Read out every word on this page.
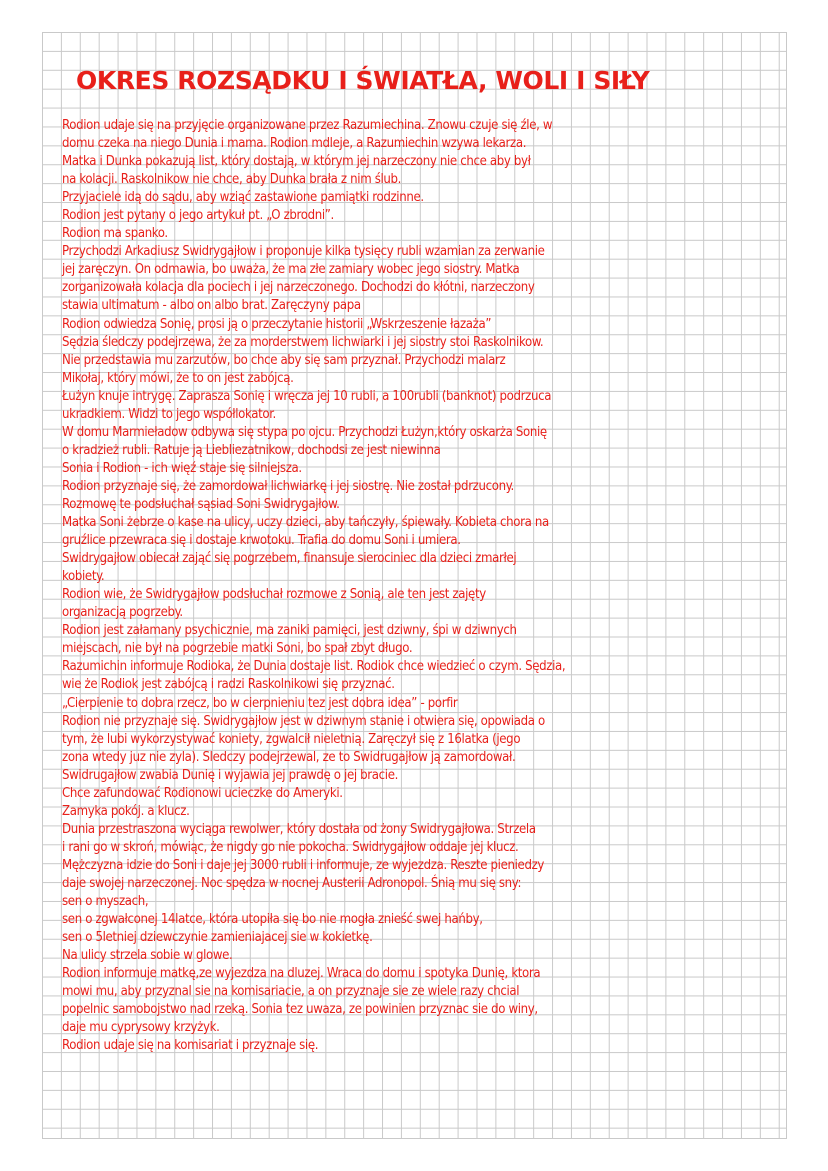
OKRES ROZSĄDKU I ŚWIATŁA, WOLI I SIŁY

Rodion udaje się na przyjęcie organizowane przez Razumiechina. Znowu czuje się źle, w

domu czeka na niego Dunia i mama. Rodion mdleje, a Razumiechin wzywa lekarza.

Matka i Dunka pokazują list, który dostają, w którym jej narzeczony nie chce aby był

na kolacji. Raskolnikow nie chce, aby Dunka brała z nim ślub.

Przyjaciele idą do sądu, aby wziąć zastawione pamiątki rodzinne.

Rodion jest pytany o jego artykuł pt. „O zbrodni”.

Rodion ma spanko.

Przychodzi Arkadiusz Swidrygajłow i proponuje kilka tysięcy rubli wzamian za zerwanie

jej zaręczyn. On odmawia, bo uważa, że ma złe zamiary wobec jego siostry. Matka

zorganizowała kolacja dla pociech i jej narzeczonego. Dochodzi do kłótni, narzeczony

stawia ultimatum - albo on albo brat. Zaręczyny papa

Rodion odwiedza Sonię, prosi ją o przeczytanie historii „Wskrzeszenie łazaża”

Sędzia śledczy podejrzewa, że za morderstwem lichwiarki i jej siostry stoi Raskolnikow.

Nie przedstawia mu zarzutów, bo chce aby się sam przyznał. Przychodzi malarz

Mikołaj, który mówi, że to on jest zabójcą.

Łużyn knuje intrygę. Zaprasza Sonię i wręcza jej 10 rubli, a 100rubli (banknot) podrzuca

ukradkiem. Widzi to jego współlokator.

W domu Marmieładow odbywa się stypa po ojcu. Przychodzi Łużyn,który oskarża Sonię

o kradzież rubli. Ratuje ją Liebliezatnikow, dochodsi ze jest niewinna

Sonia i Rodion - ich więź staje się silniejsza.

Rodion przyznaje się, że zamordował lichwiarkę i jej siostrę. Nie został pdrzucony.

Rozmowę te podsłuchał sąsiad Soni Swidrygajłow.

Matka Soni żebrze o kase na ulicy, uczy dzieci, aby tańczyły, śpiewały. Kobieta chora na

gruźlice przewraca się i dostaje krwotoku. Trafia do domu Soni i umiera.

Swidrygajłow obiecał zająć się pogrzebem, finansuje sierociniec dla dzieci zmarłej

kobiety.

Rodion wie, że Swidrygajłow podsłuchał rozmowe z Sonią, ale ten jest zajęty

organizacją pogrzeby.

Rodion jest załamany psychicznie, ma zaniki pamięci, jest dziwny, śpi w dziwnych

miejscach, nie był na pogrzebie matki Soni, bo spał zbyt długo.

Razumichin informuje Rodioka, że Dunia dostaje list. Rodiok chce wiedzieć o czym. Sędzia,

wie że Rodiok jest zabójcą i radzi Raskolnikowi się przyznać.

„Cierpienie to dobra rzecz, bo w cierpnieniu tez jest dobra idea” - porfir

Rodion nie przyznaje się. Swidrygajłow jest w dziwnym stanie i otwiera się, opowiada o

tym, że lubi wykorzystywać koniety, zgwalcił nieletnią. Zaręczył się z 16latka (jego

zona wtedy juz nie zyla). Sledczy podejrzewal, ze to Swidrugajłow ją zamordował.

Swidrugajłow zwabia Dunię i wyjawia jej prawdę o jej bracie.

Chce zafundować Rodionowi ucieczke do Ameryki.

Zamyka pokój. a klucz.

Dunia przestraszona wyciąga rewolwer, który dostała od żony Swidrygajłowa. Strzela

i rani go w skroń, mówiąc, że nigdy go nie pokocha. Swidrygajłow oddaje jej klucz.

Mężczyzna idzie do Soni i daje jej 3000 rubli i informuje, ze wyjezdza. Reszte pieniedzy

daje swojej narzeczonej. Noc spędza w nocnej Austerii Adronopol. Śnią mu się sny:

sen o myszach,

sen o zgwałconej 14latce, która utopiła się bo nie mogła znieść swej hańby,

sen o 5letniej dziewczynie zamieniajacej sie w kokietkę.

Na ulicy strzela sobie w glowe.

Rodion informuje matkę,ze wyjezdza na dluzej. Wraca do domu i spotyka Dunię, ktora

mowi mu, aby przyznal sie na komisariacie, a on przyznaje sie ze wiele razy chcial

popelnic samobojstwo nad rzeką. Sonia tez uwaza, ze powinien przyznac sie do winy,

daje mu cyprysowy krzyżyk.

Rodion udaje się na komisariat i przyznaje się.
